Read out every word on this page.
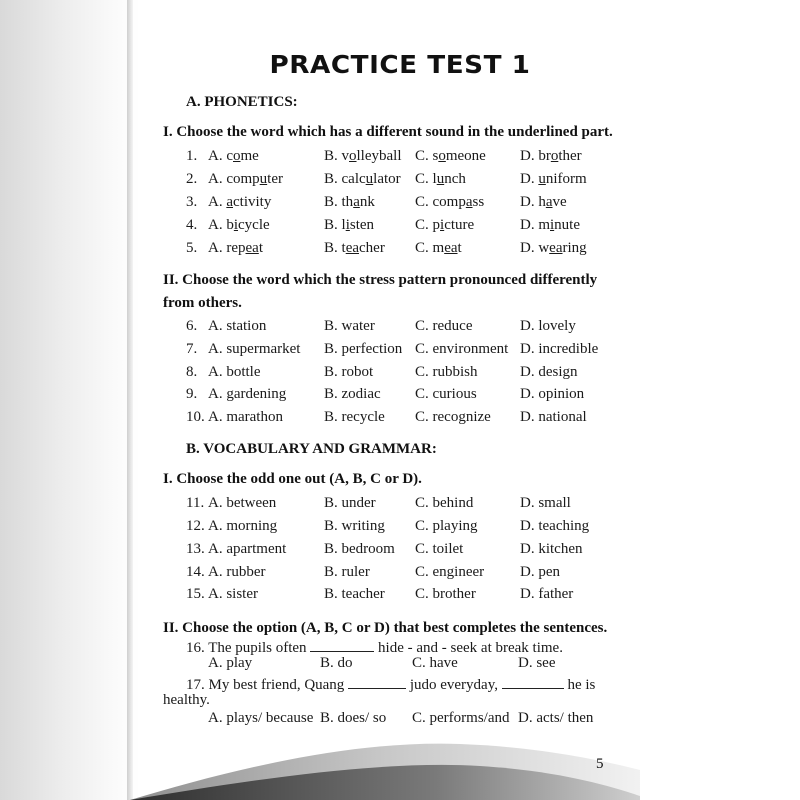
PRACTICE TEST 1
A. PHONETICS:
I. Choose the word which has a different sound in the underlined part.
1. A. come	B. volleyball C. someone D. brother
2. A. computer	B. calculator C. lunch	D. uniform
3. A. activity	B. thank	C. compass D. have
4. A. bicycle	B. listen	C. picture	D. minute
5. A. repeat	B. teacher C. meat	D. wearing
II. Choose the word which the stress pattern pronounced differently
from others.
6. A. station	B. water	C. reduce	D. lovely
7. A. supermarket B. perfection C. environment D. incredible
8. A. bottle	B. robot	C. rubbish	D. design
9. A. gardening	B. zodiac C. curious	D. opinion
10. A. marathon	B. recycle C. recognize D. national
B. VOCABULARY AND GRAMMAR:
I. Choose the odd one out (A, B, C or D).
11. A. between	B. under	C. behind	D. small
12. A. morning	B. writing C. playing	D. teaching
13. A. apartment	B. bedroom C. toilet	D. kitchen
14. A. rubber	B. ruler	C. engineer D. pen
15. A. sister	B. teacher C. brother	D. father
II. Choose the option (A, B, C or D) that best completes the sentences.
16. The pupils often	hide - and - seek at break time.
A. play	B. do	C. have	D. see
17. My best friend, Quang	judo everyday,	he is
healthy.
A. plays/ because B. does/ so C. performs/and D. acts/ then
5
